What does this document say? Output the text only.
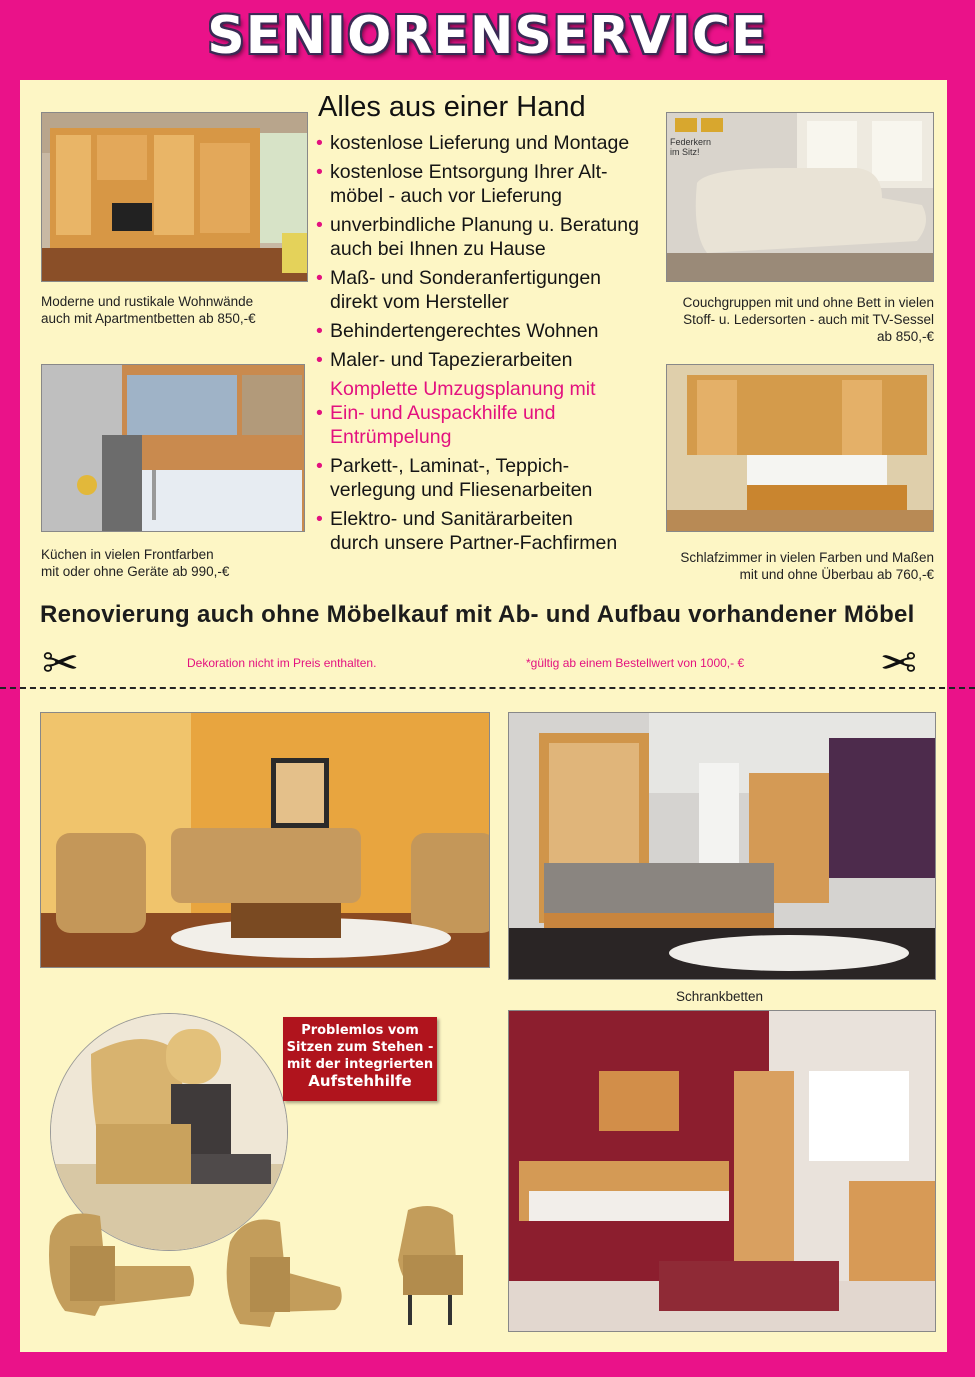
SENIORENSERVICE
Federkern
im Sitz!
Moderne und rustikale Wohnwände
auch mit Apartmentbetten ab 850,-€
Couchgruppen mit und ohne Bett in vielen
Stoff- u. Ledersorten - auch mit TV-Sessel
ab 850,-€
Küchen in vielen Frontfarben
mit oder ohne Geräte ab 990,-€
Schlafzimmer in vielen Farben und Maßen
mit und ohne Überbau ab 760,-€
Alles aus einer Hand
• kostenlose Lieferung und Montage
• kostenlose Entsorgung Ihrer Alt-
möbel - auch vor Lieferung
• unverbindliche Planung u. Beratung
auch bei Ihnen zu Hause
• Maß- und Sonderanfertigungen
direkt vom Hersteller
• Behindertengerechtes Wohnen
• Maler- und Tapezierarbeiten
Komplette Umzugsplanung mit
• Ein- und Auspackhilfe und
Entrümpelung
• Parkett-, Laminat-, Teppich-
verlegung und Fliesenarbeiten
• Elektro- und Sanitärarbeiten
durch unsere Partner-Fachfirmen
Renovierung auch ohne Möbelkauf mit Ab- und Aufbau vorhandener Möbel
✂	✂
Dekoration nicht im Preis enthalten.	*gültig ab einem Bestellwert von 1000,- €
Schrankbetten
Problemlos vom
Sitzen zum Stehen -
mit der integrierten
Aufstehhilfe
